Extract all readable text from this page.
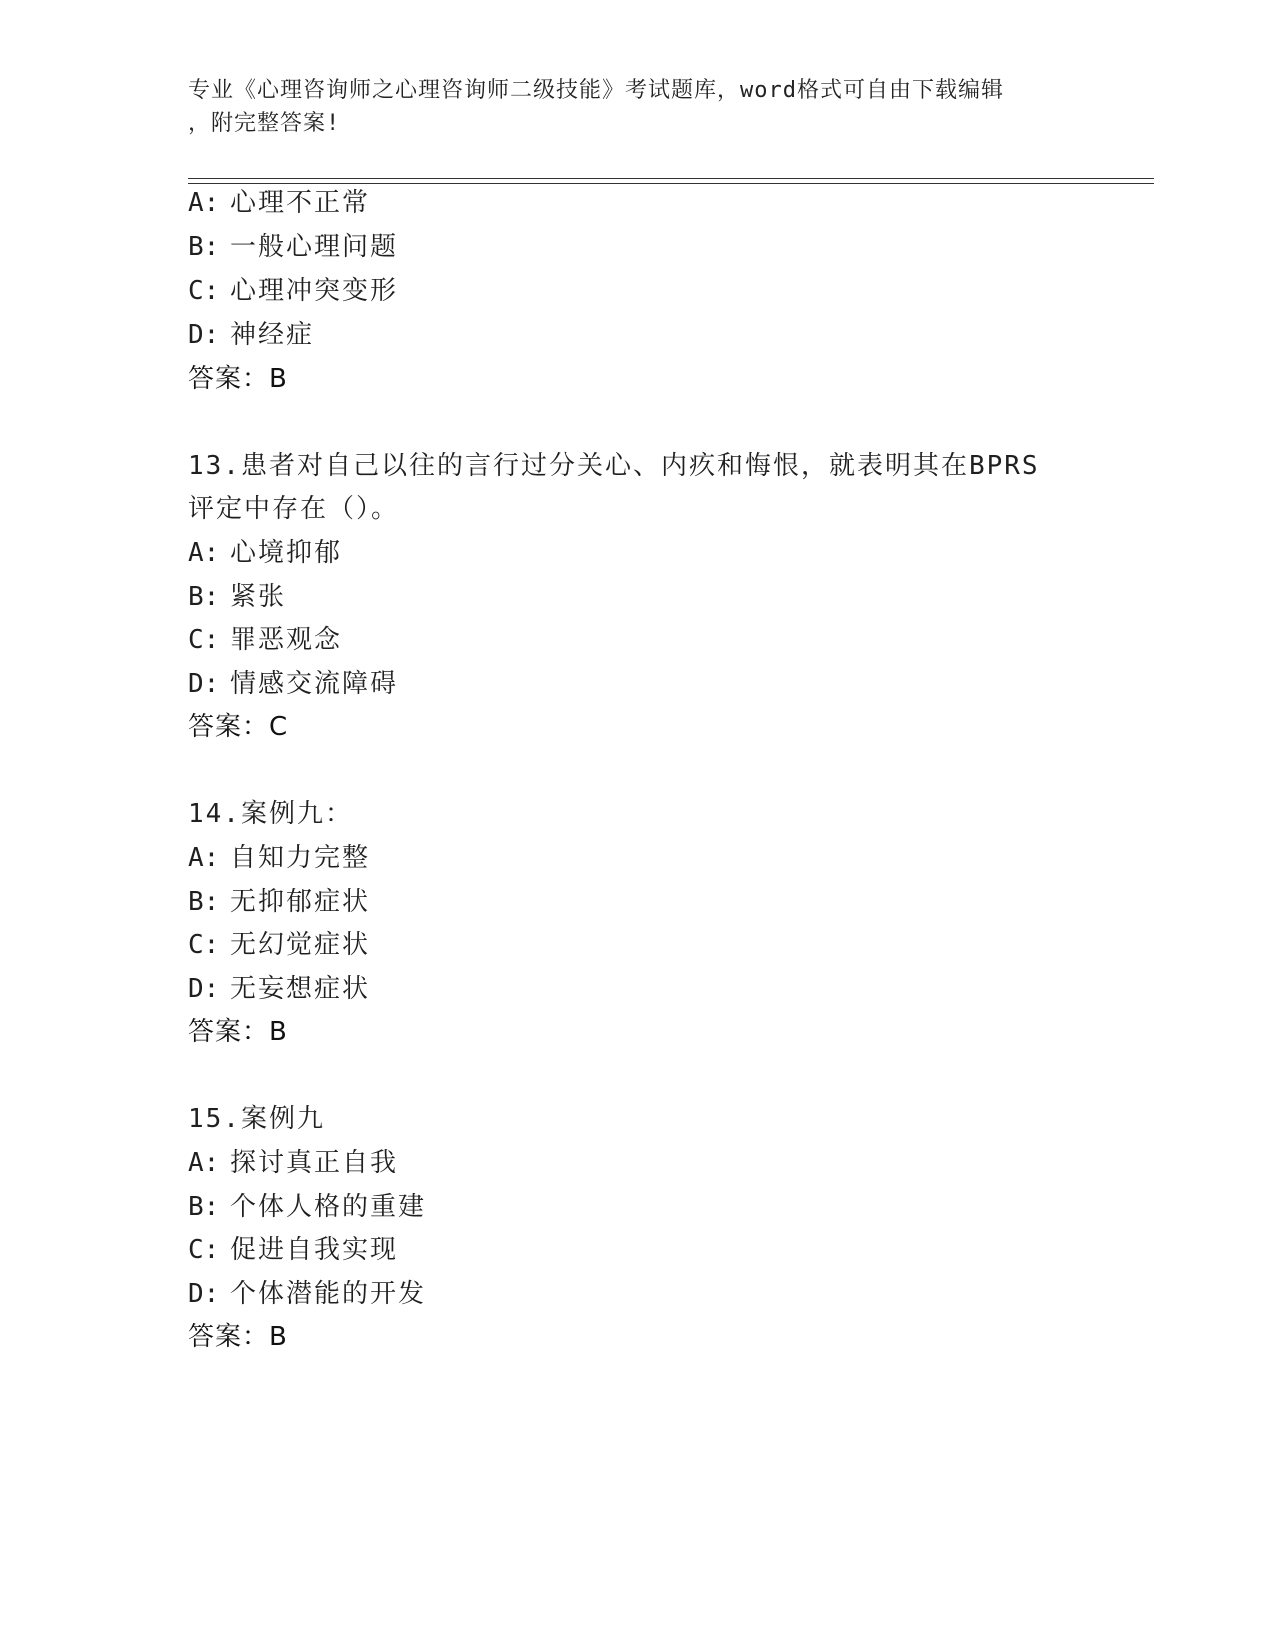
专业《心理咨询师之心理咨询师二级技能》考试题库，word格式可自由下载编辑
，附完整答案!
A: 心理不正常
B: 一般心理问题
C: 心理冲突变形
D: 神经症
答案：B
13.患者对自己以往的言行过分关心、内疚和悔恨，就表明其在BPRS
评定中存在（）。
A: 心境抑郁
B: 紧张
C: 罪恶观念
D: 情感交流障碍
答案：C
14.案例九：
A: 自知力完整
B: 无抑郁症状
C: 无幻觉症状
D: 无妄想症状
答案：B
15.案例九
A: 探讨真正自我
B: 个体人格的重建
C: 促进自我实现
D: 个体潜能的开发
答案：B
